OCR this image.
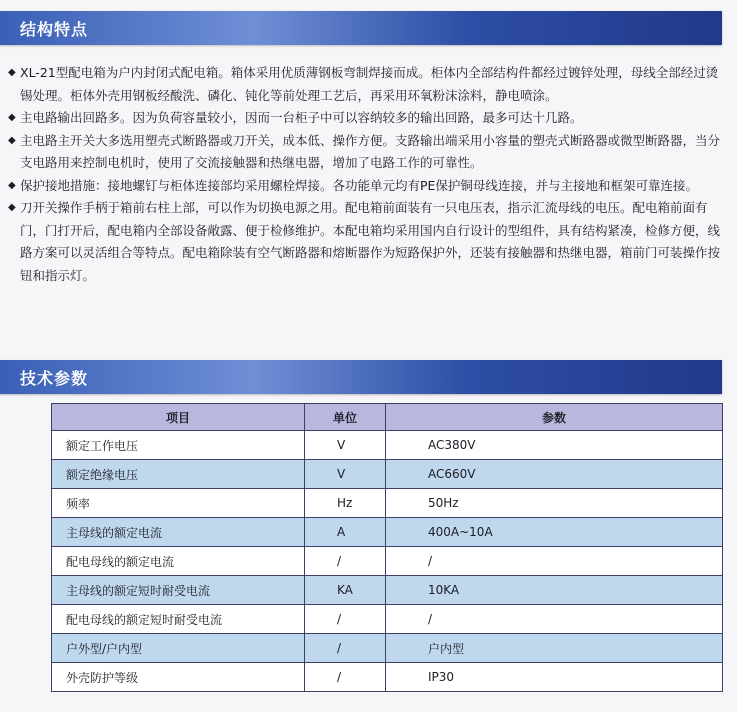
结构特点
◆ XL-21型配电箱为户内封闭式配电箱。箱体采用优质薄钢板弯制焊接而成。柜体内全部结构件都经过镀锌处理，母线全部经过烫锡处理。柜体外壳用钢板经酸洗、磷化、钝化等前处理工艺后，再采用环氧粉沫涂料，静电喷涂。
◆ 主电路输出回路多。因为负荷容量较小，因而一台柜子中可以容纳较多的输出回路，最多可达十几路。
◆ 主电路主开关大多选用塑壳式断路器或刀开关，成本低、操作方便。支路输出端采用小容量的塑壳式断路器或微型断路器，当分支电路用来控制电机时，使用了交流接触器和热继电器，增加了电路工作的可靠性。
◆ 保护接地措施：接地螺钉与柜体连接部均采用螺栓焊接。各功能单元均有PE保护铜母线连接，并与主接地和框架可靠连接。
◆ 刀开关操作手柄于箱前右柱上部，可以作为切换电源之用。配电箱前面装有一只电压表，指示汇流母线的电压。配电箱前面有门，门打开后，配电箱内全部设备敞露、便于检修维护。本配电箱均采用国内自行设计的型组件，具有结构紧凑，检修方便，线路方案可以灵活组合等特点。配电箱除装有空气断路器和熔断器作为短路保护外，还装有接触器和热继电器，箱前门可装操作按钮和指示灯。
技术参数
项目	单位	参数
额定工作电压	V	AC380V
额定绝缘电压	V	AC660V
频率	Hz	50Hz
主母线的额定电流	A	400A~10A
配电母线的额定电流	/	/
主母线的额定短时耐受电流	KA	10KA
配电母线的额定短时耐受电流	/	/
户外型/户内型	/	户内型
外壳防护等级	/	IP30
